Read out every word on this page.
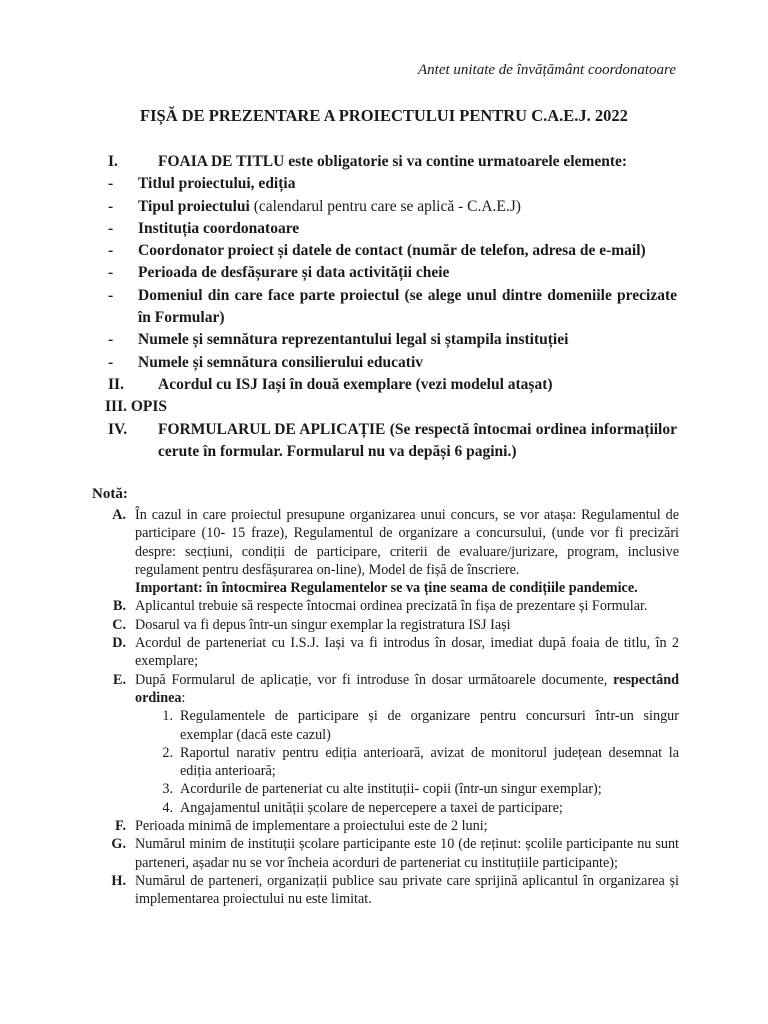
Antet unitate de învățământ coordonatoare
FIȘĂ DE PREZENTARE A PROIECTULUI PENTRU C.A.E.J. 2022
I.	FOAIA DE TITLU este obligatorie si va contine urmatoarele elemente:
-	Titlul proiectului, ediția
-	Tipul proiectului (calendarul pentru care se aplică - C.A.E.J)
-	Instituția coordonatoare
-	Coordonator proiect și datele de contact (număr de telefon, adresa de e-mail)
-	Perioada de desfășurare și data activității cheie
-	Domeniul din care face parte proiectul (se alege unul dintre domeniile precizate în Formular)
-	Numele și semnătura reprezentantului legal si ștampila instituției
-	Numele și semnătura consilierului educativ
II.	Acordul cu ISJ Iași în două exemplare (vezi modelul atașat)
III. OPIS
IV.	FORMULARUL DE APLICAȚIE (Se respectă întocmai ordinea informațiilor cerute în formular. Formularul nu va depăși 6 pagini.)
Notă:
A. În cazul in care proiectul presupune organizarea unui concurs, se vor atașa: Regulamentul de participare (10- 15 fraze), Regulamentul de organizare a concursului, (unde vor fi precizări despre: secțiuni, condiții de participare, criterii de evaluare/jurizare, program, inclusive regulament pentru desfășurarea on-line), Model de fișă de înscriere.
Important: în întocmirea Regulamentelor se va ține seama de condițiile pandemice.
B. Aplicantul trebuie să respecte întocmai ordinea precizată în fișa de prezentare și Formular.
C. Dosarul va fi depus într-un singur exemplar la registratura ISJ Iași
D. Acordul de parteneriat cu I.S.J. Iași va fi introdus în dosar, imediat după foaia de titlu, în 2 exemplare;
E. După Formularul de aplicație, vor fi introduse în dosar următoarele documente, respectând ordinea:
1. Regulamentele de participare și de organizare pentru concursuri într-un singur exemplar (dacă este cazul)
2. Raportul narativ pentru ediția anterioară, avizat de monitorul județean desemnat la ediția anterioară;
3. Acordurile de parteneriat cu alte instituții- copii (într-un singur exemplar);
4. Angajamentul unității școlare de nepercepere a taxei de participare;
F. Perioada minimă de implementare a proiectului este de 2 luni;
G. Numărul minim de instituții școlare participante este 10 (de reținut: școlile participante nu sunt parteneri, așadar nu se vor încheia acorduri de parteneriat cu instituțiile participante);
H. Numărul de parteneri, organizații publice sau private care sprijină aplicantul în organizarea și implementarea proiectului nu este limitat.
